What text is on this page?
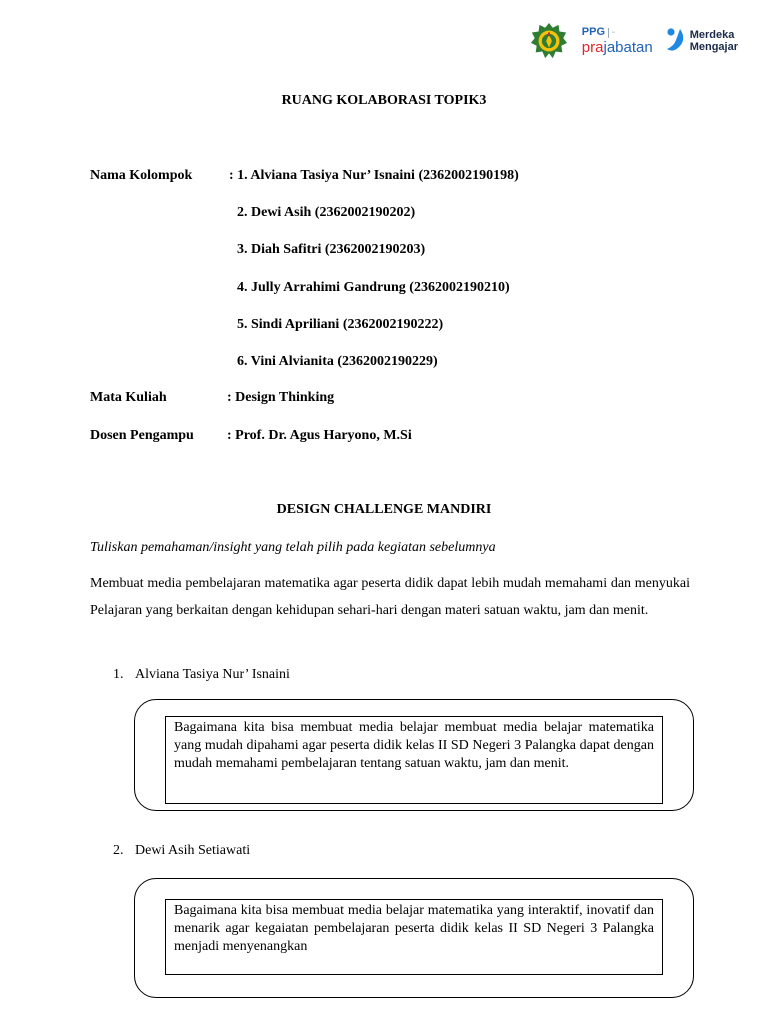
PPG ▪▪▪
prajabatan
Merdeka
Mengajar
RUANG KOLABORASI TOPIK3
Nama Kolompok	: 1. Alviana Tasiya Nur’ Isnaini (2362002190198)
2. Dewi Asih (2362002190202)
3. Diah Safitri (2362002190203)
4. Jully Arrahimi Gandrung (2362002190210)
5. Sindi Apriliani (2362002190222)
6. Vini Alvianita (2362002190229)
Mata Kuliah	: Design Thinking
Dosen Pengampu : Prof. Dr. Agus Haryono, M.Si
DESIGN CHALLENGE MANDIRI
Tuliskan pemahaman/insight yang telah pilih pada kegiatan sebelumnya
Membuat media pembelajaran matematika agar peserta didik dapat lebih mudah memahami dan menyukai Pelajaran yang berkaitan dengan kehidupan sehari-hari dengan materi satuan waktu, jam dan menit.
1. Alviana Tasiya Nur’ Isnaini
Bagaimana kita bisa membuat media belajar membuat media belajar matematika yang mudah dipahami agar peserta didik kelas II SD Negeri 3 Palangka dapat dengan mudah memahami pembelajaran tentang satuan waktu, jam dan menit.
2. Dewi Asih Setiawati
Bagaimana kita bisa membuat media belajar matematika yang interaktif, inovatif dan menarik agar kegaiatan pembelajaran peserta didik kelas II SD Negeri 3 Palangka menjadi menyenangkan
